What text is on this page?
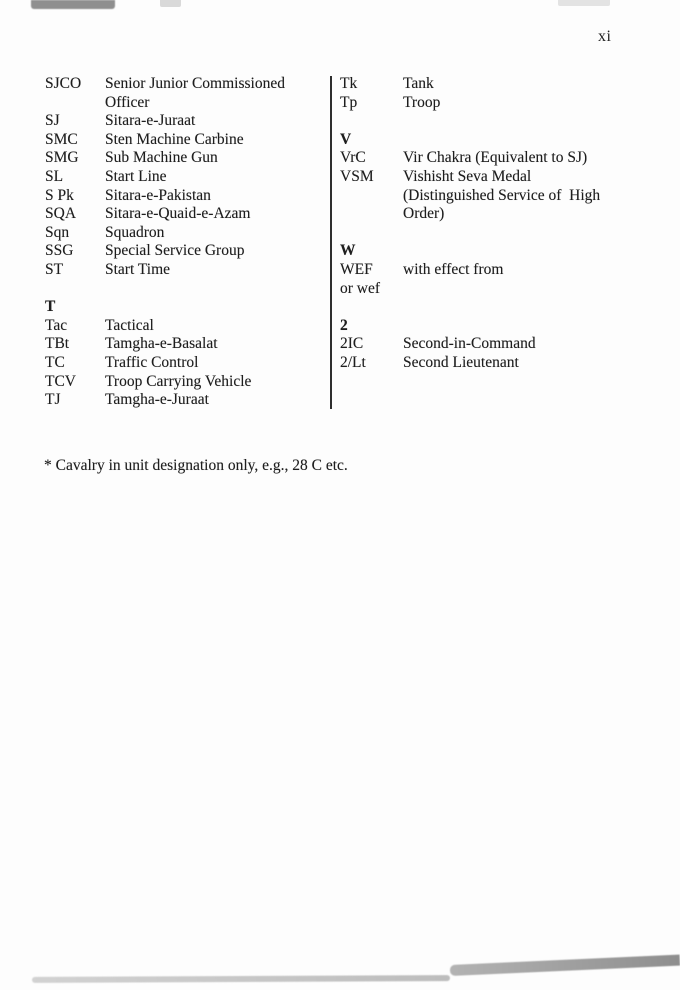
xi
SJCO	Senior Junior Commissioned
Officer
SJ	Sitara-e-Juraat
SMC	Sten Machine Carbine
SMG	Sub Machine Gun
SL	Start Line
S Pk	Sitara-e-Pakistan
SQA	Sitara-e-Quaid-e-Azam
Sqn	Squadron
SSG	Special Service Group
ST	Start Time
T
Tac	Tactical
TBt	Tamgha-e-Basalat
TC	Traffic Control
TCV	Troop Carrying Vehicle
TJ	Tamgha-e-Juraat
Tk	Tank
Tp	Troop
V
VrC	Vir Chakra (Equivalent to SJ)
VSM	Vishisht Seva Medal
(Distinguished Service of  High
Order)
W
WEF	with effect from
or wef
2
2IC	Second-in-Command
2/Lt	Second Lieutenant
* Cavalry in unit designation only, e.g., 28 C etc.
